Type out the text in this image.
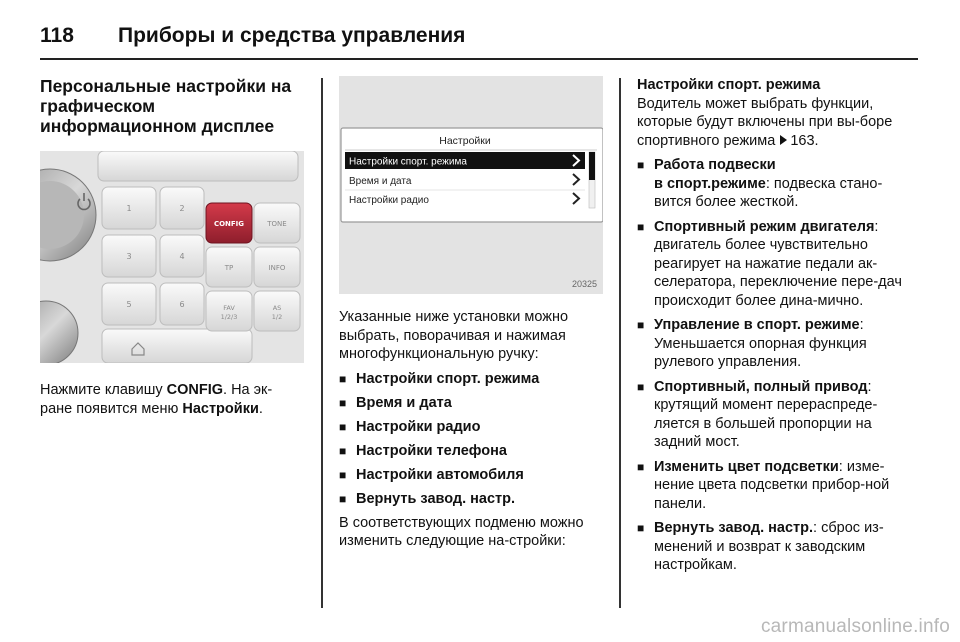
118	Приборы и средства управления
Персональные настройки на
графическом
информационном дисплее
1	2
3	4
5	6
CONFIG	TONE
TP	INFO
FAV
1/2/3
AS
1/2

Нажмите клавишу CONFIG. На эк-
ране появится меню Настройки.

Настройки
Настройки спорт. режима
Время и дата
Настройки радио
20325

Указанные ниже установки можно выбрать, поворачивая и нажимая многофункциональную ручку:

■ Настройки спорт. режима
■ Время и дата
■ Настройки радио
■ Настройки телефона
■ Настройки автомобиля
■ Вернуть завод. настр.

В соответствующих подменю можно изменить следующие на-стройки:

Настройки спорт. режима

Водитель может выбрать функции, которые будут включены при вы-боре спортивного режима 163.

■ Работа подвески
в спорт.режиме: подвеска стано-вится более жесткой.
■ Спортивный режим двигателя: двигатель более чувствительно реагирует на нажатие педали ак-селератора, переключение пере-дач происходит более дина-мично.
■ Управление в спорт. режиме: Уменьшается опорная функция рулевого управления.
■ Спортивный, полный привод: крутящий момент перераспреде-ляется в большей пропорции на задний мост.
■ Изменить цвет подсветки: изме-нение цвета подсветки прибор-ной панели.
■ Вернуть завод. настр.: сброс из-менений и возврат к заводским настройкам.
carmanualsonline.info
